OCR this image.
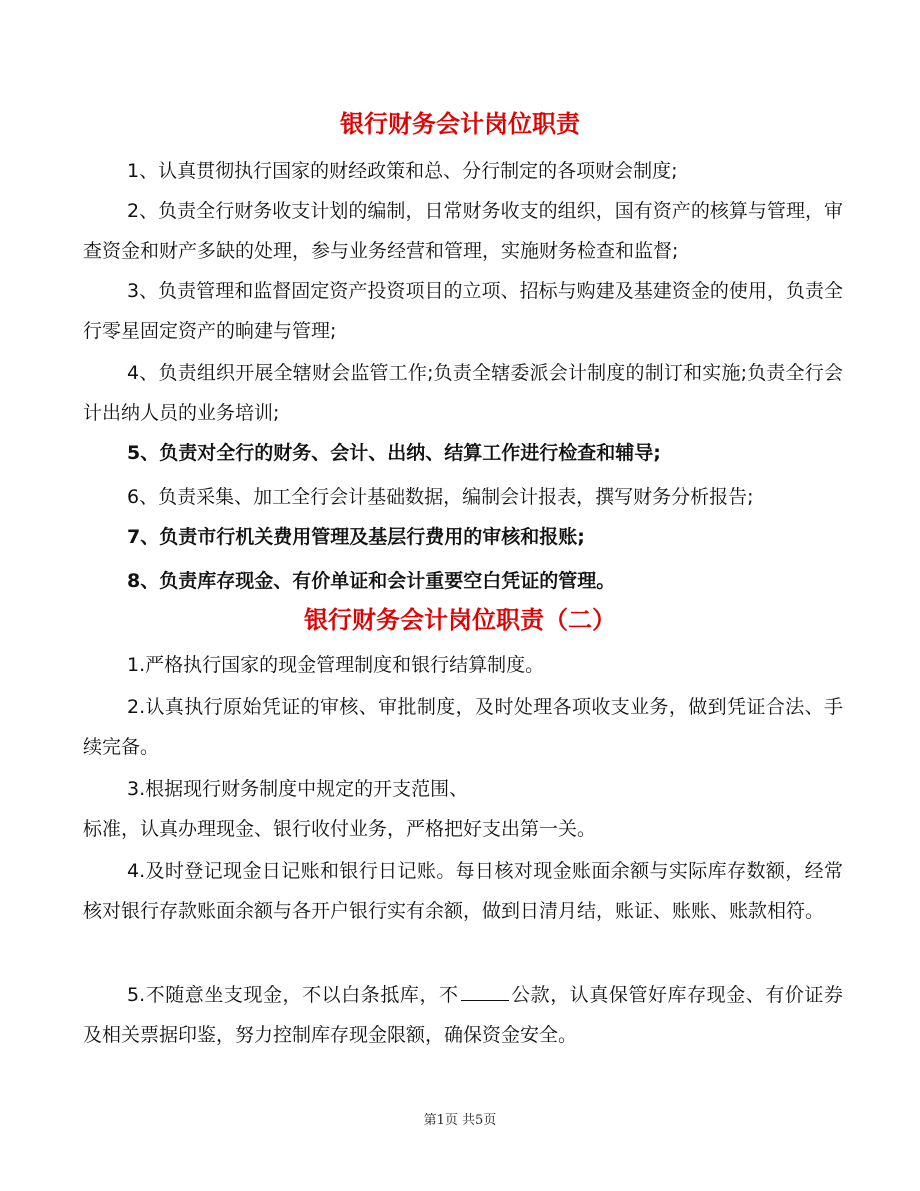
银行财务会计岗位职责

1、认真贯彻执行国家的财经政策和总、分行制定的各项财会制度;

2、负责全行财务收支计划的编制，日常财务收支的组织，国有资产的核算与管理，审查资金和财产多缺的处理，参与业务经营和管理，实施财务检查和监督;

3、负责管理和监督固定资产投资项目的立项、招标与购建及基建资金的使用，负责全行零星固定资产的晌建与管理;

4、负责组织开展全辖财会监管工作;负责全辖委派会计制度的制订和实施;负责全行会计出纳人员的业务培训;

5、负责对全行的财务、会计、出纳、结算工作进行检查和辅导;

6、负责采集、加工全行会计基础数据，编制会计报表，撰写财务分析报告;

7、负责市行机关费用管理及基层行费用的审核和报账;

8、负责库存现金、有价单证和会计重要空白凭证的管理。

银行财务会计岗位职责（二）

1.严格执行国家的现金管理制度和银行结算制度。

2.认真执行原始凭证的审核、审批制度，及时处理各项收支业务，做到凭证合法、手续完备。

3.根据现行财务制度中规定的开支范围、

标准，认真办理现金、银行收付业务，严格把好支出第一关。

4.及时登记现金日记账和银行日记账。每日核对现金账面余额与实际库存数额，经常核对银行存款账面余额与各开户银行实有余额，做到日清月结，账证、账账、账款相符。

5.不随意坐支现金，不以白条抵库，不	公款，认真保管好库存现金、有价证券及相关票据印鉴，努力控制库存现金限额，确保资金安全。

第1页 共5页
